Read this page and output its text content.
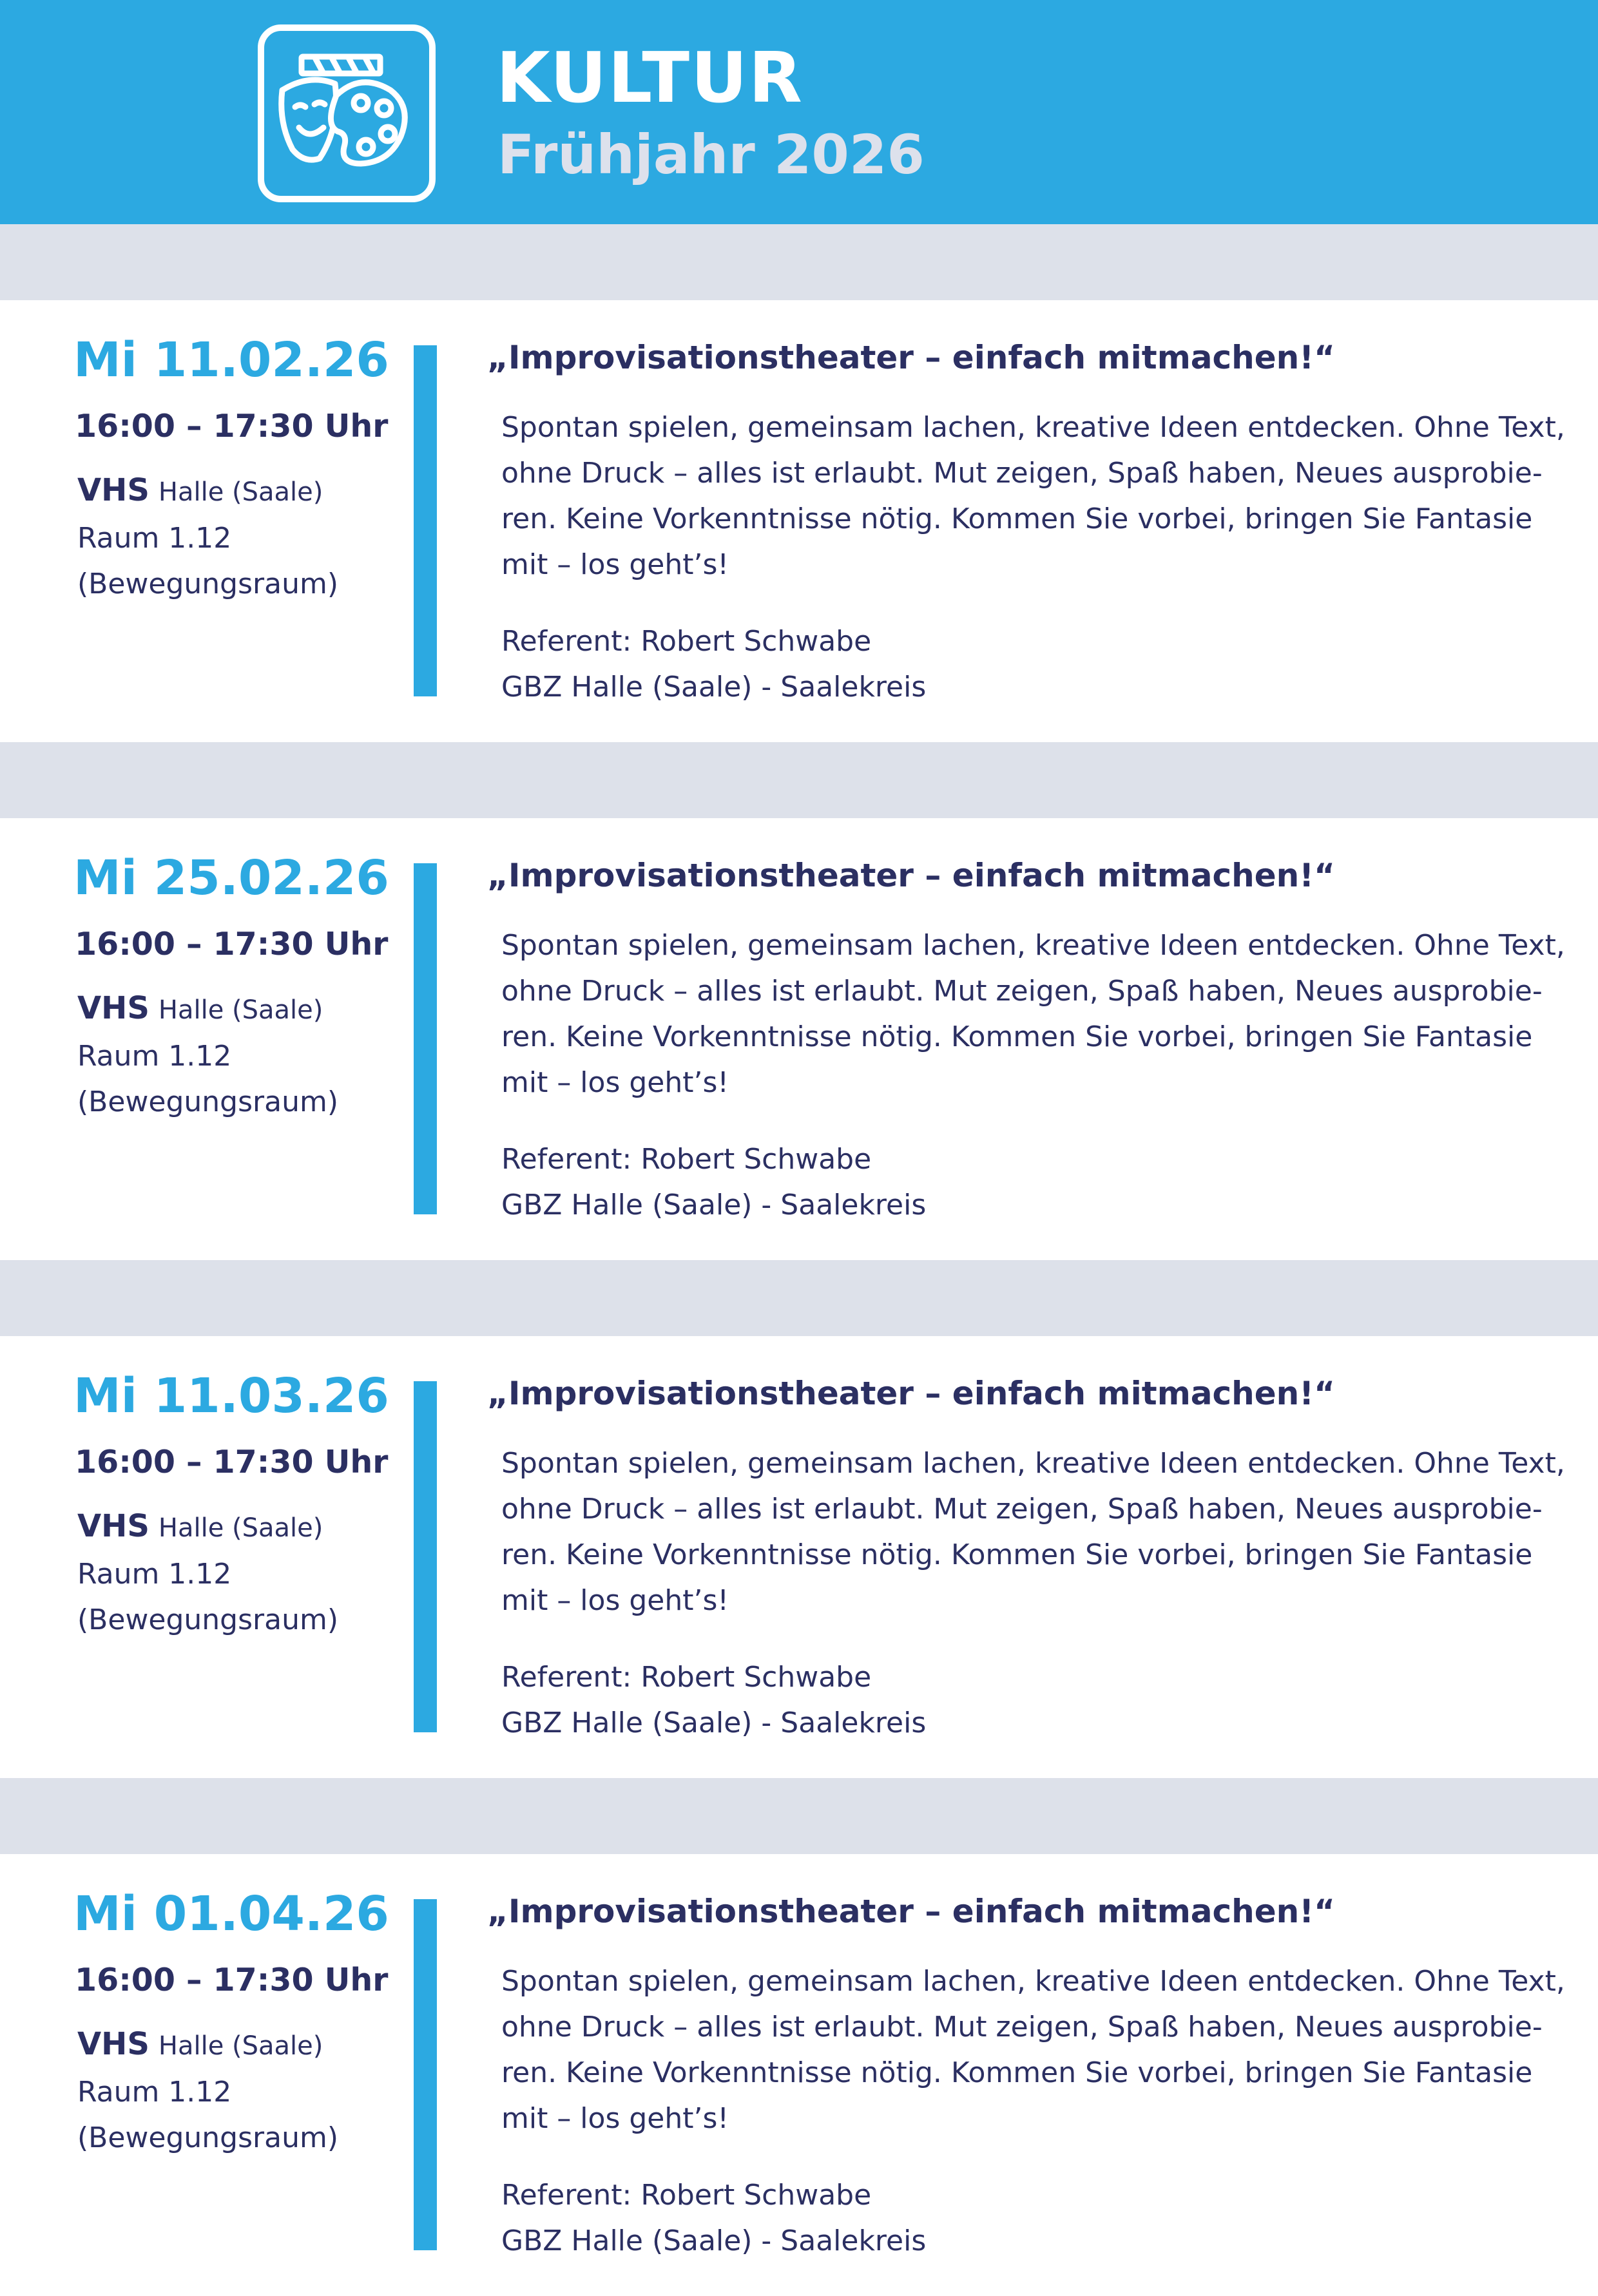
KULTUR
Frühjahr 2026
Mi 11.02.26
16:00 – 17:30 Uhr
VHS Halle (Saale)
Raum 1.12
(Bewegungsraum)
„Improvisationstheater – einfach mitmachen!“
Spontan spielen, gemeinsam lachen, kreative Ideen entdecken. Ohne Text,
ohne Druck – alles ist erlaubt. Mut zeigen, Spaß haben, Neues ausprobie-
ren. Keine Vorkenntnisse nötig. Kommen Sie vorbei, bringen Sie Fantasie
mit – los geht’s!
Referent: Robert Schwabe
GBZ Halle (Saale) - Saalekreis
Mi 25.02.26
16:00 – 17:30 Uhr
VHS Halle (Saale)
Raum 1.12
(Bewegungsraum)
„Improvisationstheater – einfach mitmachen!“
Spontan spielen, gemeinsam lachen, kreative Ideen entdecken. Ohne Text,
ohne Druck – alles ist erlaubt. Mut zeigen, Spaß haben, Neues ausprobie-
ren. Keine Vorkenntnisse nötig. Kommen Sie vorbei, bringen Sie Fantasie
mit – los geht’s!
Referent: Robert Schwabe
GBZ Halle (Saale) - Saalekreis
Mi 11.03.26
16:00 – 17:30 Uhr
VHS Halle (Saale)
Raum 1.12
(Bewegungsraum)
„Improvisationstheater – einfach mitmachen!“
Spontan spielen, gemeinsam lachen, kreative Ideen entdecken. Ohne Text,
ohne Druck – alles ist erlaubt. Mut zeigen, Spaß haben, Neues ausprobie-
ren. Keine Vorkenntnisse nötig. Kommen Sie vorbei, bringen Sie Fantasie
mit – los geht’s!
Referent: Robert Schwabe
GBZ Halle (Saale) - Saalekreis
Mi 01.04.26
16:00 – 17:30 Uhr
VHS Halle (Saale)
Raum 1.12
(Bewegungsraum)
„Improvisationstheater – einfach mitmachen!“
Spontan spielen, gemeinsam lachen, kreative Ideen entdecken. Ohne Text,
ohne Druck – alles ist erlaubt. Mut zeigen, Spaß haben, Neues ausprobie-
ren. Keine Vorkenntnisse nötig. Kommen Sie vorbei, bringen Sie Fantasie
mit – los geht’s!
Referent: Robert Schwabe
GBZ Halle (Saale) - Saalekreis
